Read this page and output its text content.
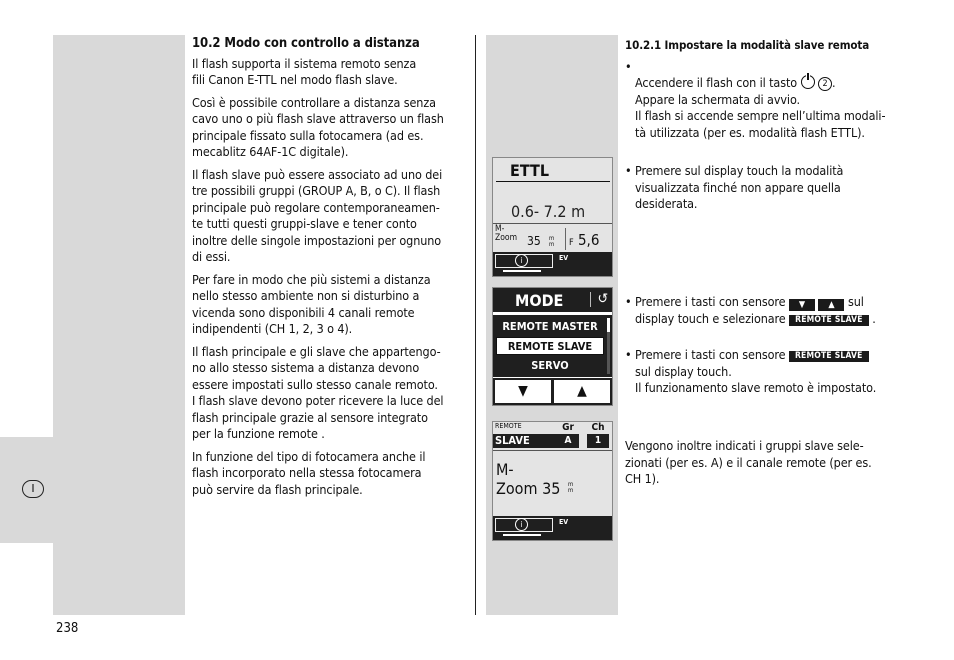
I
10.2 Modo con controllo a distanza

Il flash supporta il sistema remoto senza
fili Canon E-TTL nel modo flash slave.

Così è possibile controllare a distanza senza
cavo uno o più flash slave attraverso un flash
principale fissato sulla fotocamera (ad es.
mecablitz 64AF-1C digitale).

Il flash slave può essere associato ad uno dei
tre possibili gruppi (GROUP A, B, o C). Il flash
principale può regolare contemporaneamen-
te tutti questi gruppi-slave e tener conto
inoltre delle singole impostazioni per ognuno
di essi.

Per fare in modo che più sistemi a distanza
nello stesso ambiente non si disturbino a
vicenda sono disponibili 4 canali remote
indipendenti (CH 1, 2, 3 o 4).

Il flash principale e gli slave che appartengo-
no allo stesso sistema a distanza devono
essere impostati sullo stesso canale remoto.
I flash slave devono poter ricevere la luce del
flash principale grazie al sensore integrato
per la funzione remote .

In funzione del tipo di fotocamera anche il
flash incorporato nella stessa fotocamera
può servire da flash principale.

10.2.1 Impostare la modalità slave remota

•
Accendere il flash con il tasto  2 .

Appare la schermata di avvio.
Il flash si accende sempre nell’ultima modali-
tà utilizzata (per es. modalità flash ETTL).

• Premere sul display touch la modalità
visualizzata finché non appare quella
desiderata.
• Premere i tasti con sensore ▼	▲ sul
display touch e selezionare REMOTE SLAVE .
• Premere i tasti con sensore REMOTE SLAVE
sul display touch.
Il funzionamento slave remoto è impostato.
Vengono inoltre indicati i gruppi slave sele-
zionati (per es. A) e il canale remote (per es.
CH 1).
ETTL
0.6- 7.2 m
M-
Zoom 35 m
m F 5,6
i	EV
MODE	↺
REMOTE MASTER
REMOTE SLAVE
SERVO
▼	▲
REMOTE
SLAVE
Gr
A
Ch
1
M-
Zoom 35 m
m
i	EV
238
